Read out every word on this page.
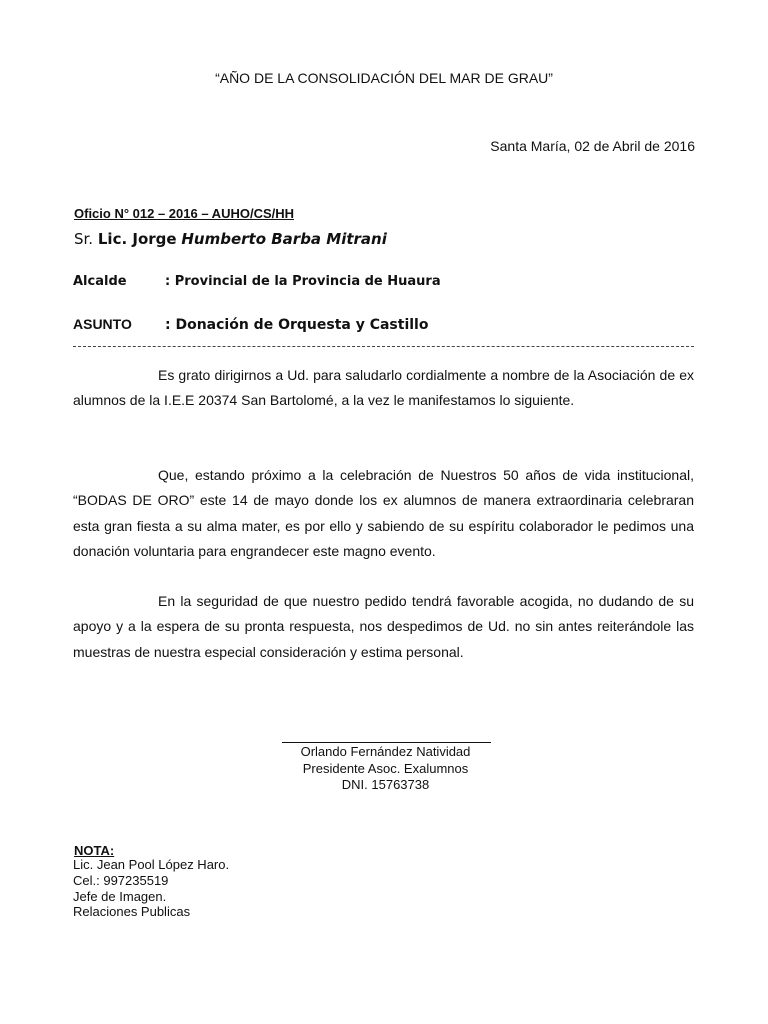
“AÑO DE LA CONSOLIDACIÓN DEL MAR DE GRAU”
Santa María, 02 de Abril de 2016
Oficio N° 012 – 2016 – AUHO/CS/HH
Sr. Lic. Jorge Humberto Barba Mitrani
Alcalde	: Provincial de la Provincia de Huaura
ASUNTO : Donación de Orquesta y Castillo

Es grato dirigirnos a Ud. para saludarlo cordialmente a nombre de la Asociación de ex alumnos de la I.E.E 20374 San Bartolomé, a la vez le manifestamos lo siguiente.

Que, estando próximo a la celebración de Nuestros 50 años de vida institucional, “BODAS DE ORO” este 14 de mayo donde los ex alumnos de manera extraordinaria celebraran esta gran fiesta a su alma mater, es por ello y sabiendo de su espíritu colaborador le pedimos una donación voluntaria para engrandecer este magno evento.

En la seguridad de que nuestro pedido tendrá favorable acogida, no dudando de su apoyo y a la espera de su pronta respuesta, nos despedimos de Ud. no sin antes reiterándole las muestras de nuestra especial consideración y estima personal.

Orlando Fernández Natividad
Presidente Asoc. Exalumnos
DNI. 15763738
NOTA:
Lic. Jean Pool López Haro.
Cel.: 997235519
Jefe de Imagen.
Relaciones Publicas
